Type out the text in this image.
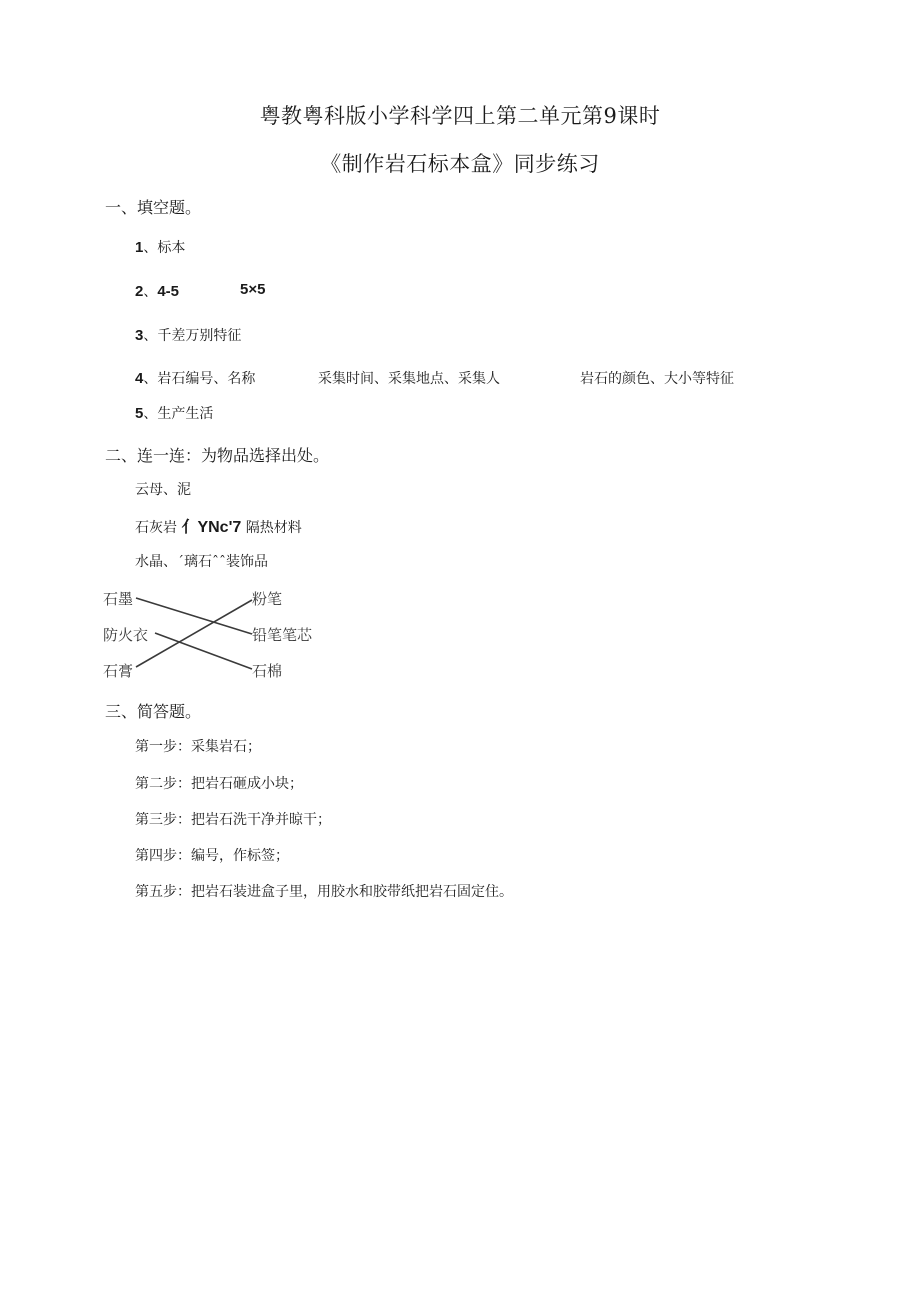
粤教粤科版小学科学四上第二单元第9课时
《制作岩石标本盒》同步练习
一、填空题。
1、标本
2、4-5	5×5
3、千差万别特征
4、岩石编号、名称	采集时间、采集地点、采集人	岩石的颜色、大小等特征
5、生产生活
二、连一连：为物品选择出处。
云母、泥
石灰岩 亻YNc'7 隔热材料
水晶、ˊ璃石ˆˆ装饰品
石墨
防火衣
石膏
粉笔
铅笔笔芯
石棉
三、简答题。
第一步：采集岩石；
第二步：把岩石砸成小块；
第三步：把岩石洗干净并晾干；
第四步：编号，作标签；
第五步：把岩石装进盒子里，用胶水和胶带纸把岩石固定住。
